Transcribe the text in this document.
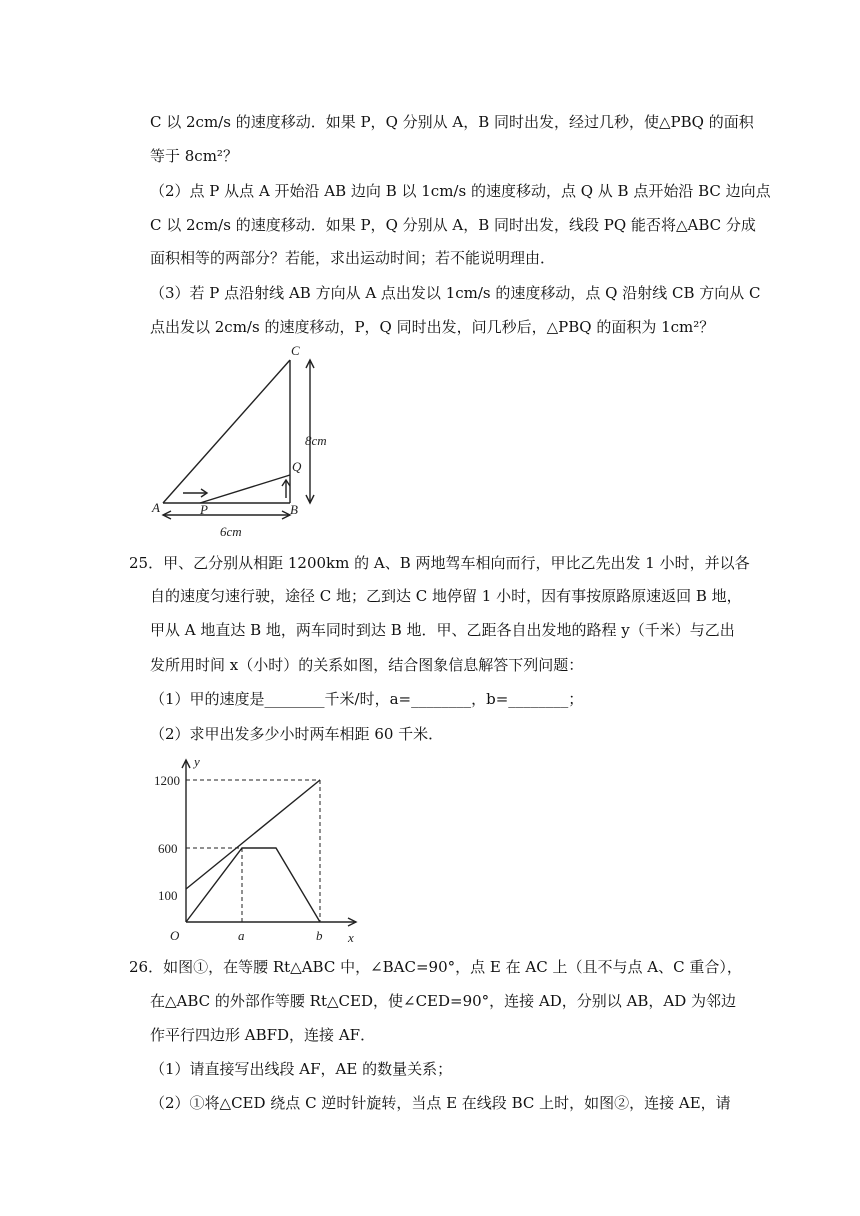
C 以 2cm/s 的速度移动．如果 P，Q 分别从 A，B 同时出发，经过几秒，使△PBQ 的面积
等于 8cm²？
（2）点 P 从点 A 开始沿 AB 边向 B 以 1cm/s 的速度移动，点 Q 从 B 点开始沿 BC 边向点
C 以 2cm/s 的速度移动．如果 P，Q 分别从 A，B 同时出发，线段 PQ 能否将△ABC 分成
面积相等的两部分？若能，求出运动时间；若不能说明理由．
（3）若 P 点沿射线 AB 方向从 A 点出发以 1cm/s 的速度移动，点 Q 沿射线 CB 方向从 C
点出发以 2cm/s 的速度移动，P，Q 同时出发，问几秒后，△PBQ 的面积为 1cm²？
C
Q
A	P	B
8cm
6cm
25．甲、乙分别从相距 1200km 的 A、B 两地驾车相向而行，甲比乙先出发 1 小时，并以各
自的速度匀速行驶，途径 C 地；乙到达 C 地停留 1 小时，因有事按原路原速返回 B 地，
甲从 A 地直达 B 地，两车同时到达 B 地．甲、乙距各自出发地的路程 y（千米）与乙出
发所用时间 x（小时）的关系如图，结合图象信息解答下列问题：
（1）甲的速度是________千米/时，a=________，b=________；
（2）求甲出发多少小时两车相距 60 千米．
y
x
O
1200
600
100
a	b
26．如图①，在等腰 Rt△ABC 中，∠BAC=90°，点 E 在 AC 上（且不与点 A、C 重合），
在△ABC 的外部作等腰 Rt△CED，使∠CED=90°，连接 AD，分别以 AB，AD 为邻边
作平行四边形 ABFD，连接 AF．
（1）请直接写出线段 AF，AE 的数量关系；
（2）①将△CED 绕点 C 逆时针旋转，当点 E 在线段 BC 上时，如图②，连接 AE，请
